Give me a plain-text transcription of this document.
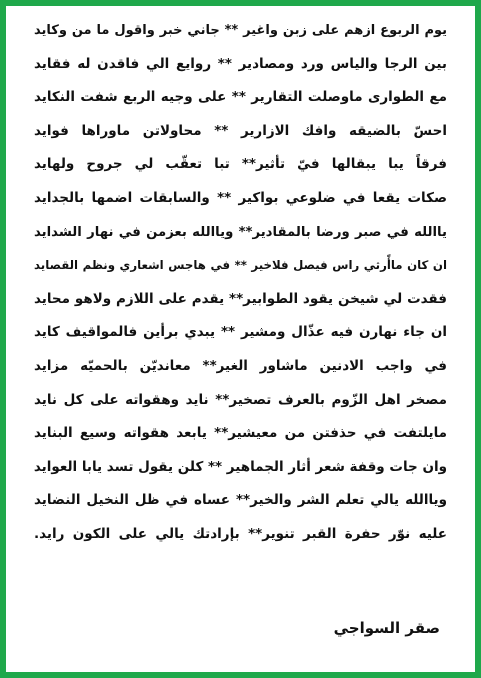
يوم الربوع ازهم على زبن واغير ** جاني خبر واقول ما من وكايد
بين الرجا والياس ورد ومصادير ** روايع الي فاقدن له فقايد
مع الطوارى ماوصلت التقارير ** على وجيه الربع شفت النكايد
احسّ بالضيقه وافك الازارير ** محاولاتن ماوراها فوايد
فرقاً يبا يبقالها فيّ تأثير** تبا تعقّب لي جروح ولهايد
صكات يقعا في ضلوعي بواكير ** والسابقات اضمها بالجدايد
ياالله في صبر ورضا بالمقادير** وياالله بعزمن في نهار الشدايد
ان كان ماأًرثي راس فيصل فلاخير ** في هاجس اشعاري ونظم القصايد
فقدت لي شيخن يقود الطوابير** يقدم على اللازم ولاهو محايد
ان جاء نهارن فيه عذّال ومشير ** يبدي برأين فالمواقيف كايد
في واجب الادنين ماشاور الغير** معانديّن بالحميّه مزايد
مصخر اهل الزّوم بالعرف تصخير** نايد وهقواته على كل نايد
مايلتفت في حذفتن من معيشير** يابعد هقواته وسيع البنايد
وان جات وقفة شعر أثار الجماهير ** كلن يقول تسد يابا العوايد
وياالله يالي تعلم الشر والخير** عساه في ظل النخيل النضايد
عليه نوّر حفرة القبر تنوير** بإرادتك يالي على الكون رايد.
صقر السواجي
